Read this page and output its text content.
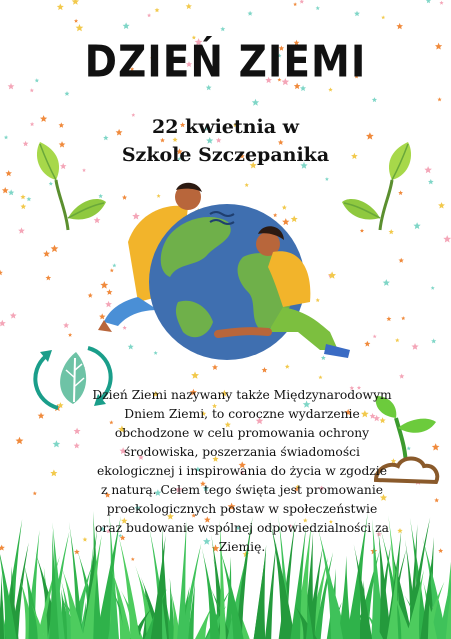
DZIEŃ ZIEMI
22 kwietnia w
Szkole Szczepanika
Dzień Ziemi nazywany także Międzynarodowym Dniem Ziemi, to coroczne wydarzenie obchodzone w celu promowania ochrony środowiska, poszerzania świadomości ekologicznej i inspirowania do życia w zgodzie z naturą. Celem tego święta jest promowanie proekologicznych postaw w społeczeństwie oraz budowanie wspólnej odpowiedzialności za Ziemię.
